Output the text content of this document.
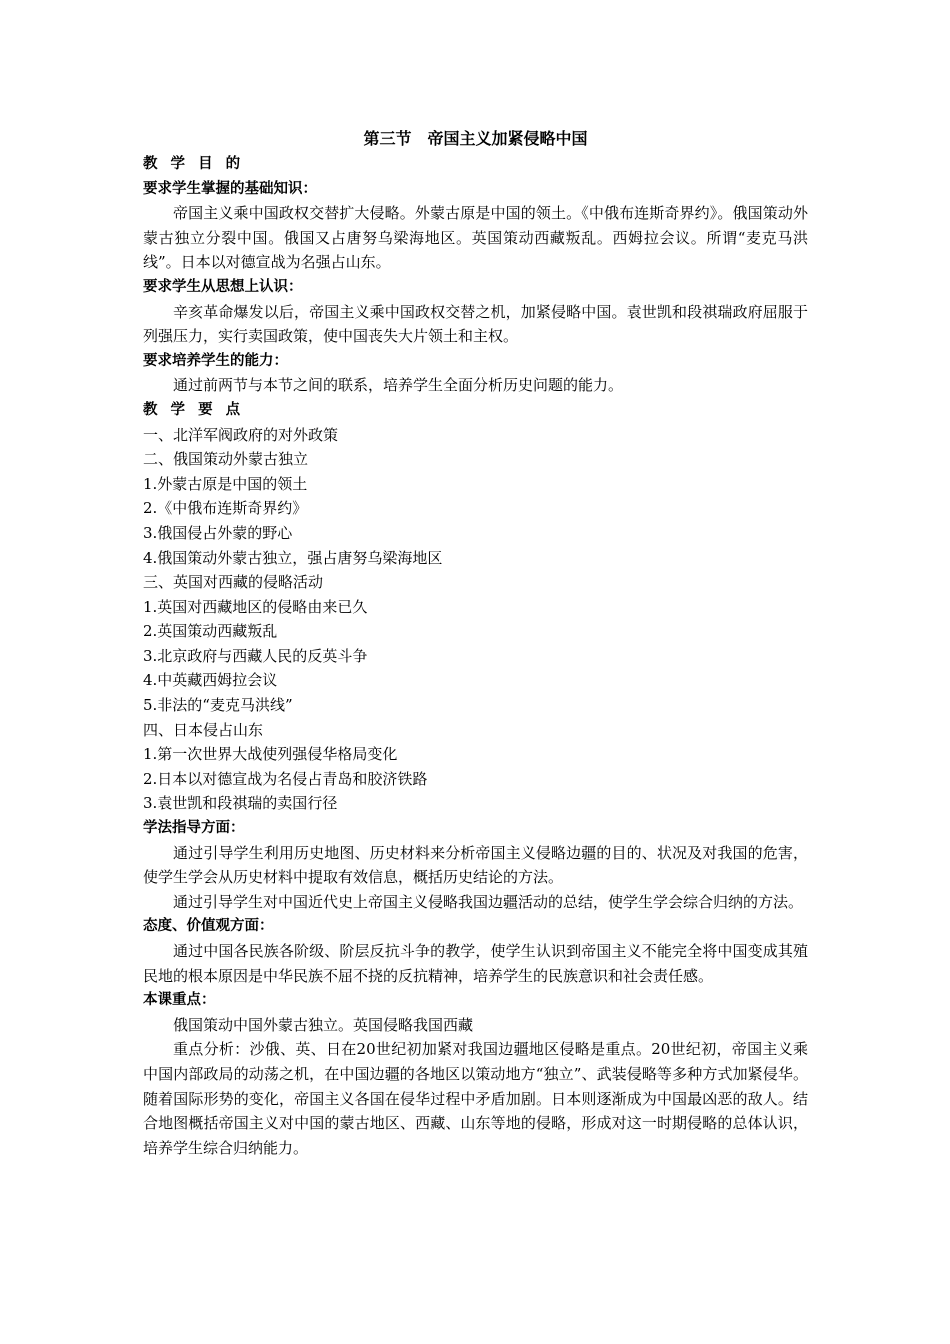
第三节　帝国主义加紧侵略中国
教 学 目 的
要求学生掌握的基础知识：
帝国主义乘中国政权交替扩大侵略。外蒙古原是中国的领土。《中俄布连斯奇界约》。俄国策动外蒙古独立分裂中国。俄国又占唐努乌梁海地区。英国策动西藏叛乱。西姆拉会议。所谓“麦克马洪线”。日本以对德宣战为名强占山东。
要求学生从思想上认识：
辛亥革命爆发以后，帝国主义乘中国政权交替之机，加紧侵略中国。袁世凯和段祺瑞政府屈服于列强压力，实行卖国政策，使中国丧失大片领土和主权。
要求培养学生的能力：
通过前两节与本节之间的联系，培养学生全面分析历史问题的能力。
教 学 要 点
一、北洋军阀政府的对外政策
二、俄国策动外蒙古独立
1.外蒙古原是中国的领土
2.《中俄布连斯奇界约》
3.俄国侵占外蒙的野心
4.俄国策动外蒙古独立，强占唐努乌梁海地区
三、英国对西藏的侵略活动
1.英国对西藏地区的侵略由来已久
2.英国策动西藏叛乱
3.北京政府与西藏人民的反英斗争
4.中英藏西姆拉会议
5.非法的“麦克马洪线”
四、日本侵占山东
1.第一次世界大战使列强侵华格局变化
2.日本以对德宣战为名侵占青岛和胶济铁路
3.袁世凯和段祺瑞的卖国行径
学法指导方面：
通过引导学生利用历史地图、历史材料来分析帝国主义侵略边疆的目的、状况及对我国的危害，使学生学会从历史材料中提取有效信息，概括历史结论的方法。
通过引导学生对中国近代史上帝国主义侵略我国边疆活动的总结，使学生学会综合归纳的方法。
态度、价值观方面：
通过中国各民族各阶级、阶层反抗斗争的教学，使学生认识到帝国主义不能完全将中国变成其殖民地的根本原因是中华民族不屈不挠的反抗精神，培养学生的民族意识和社会责任感。
本课重点：
俄国策动中国外蒙古独立。英国侵略我国西藏
重点分析：沙俄、英、日在20世纪初加紧对我国边疆地区侵略是重点。20世纪初，帝国主义乘中国内部政局的动荡之机，在中国边疆的各地区以策动地方“独立”、武装侵略等多种方式加紧侵华。随着国际形势的变化，帝国主义各国在侵华过程中矛盾加剧。日本则逐渐成为中国最凶恶的敌人。结合地图概括帝国主义对中国的蒙古地区、西藏、山东等地的侵略，形成对这一时期侵略的总体认识，培养学生综合归纳能力。
